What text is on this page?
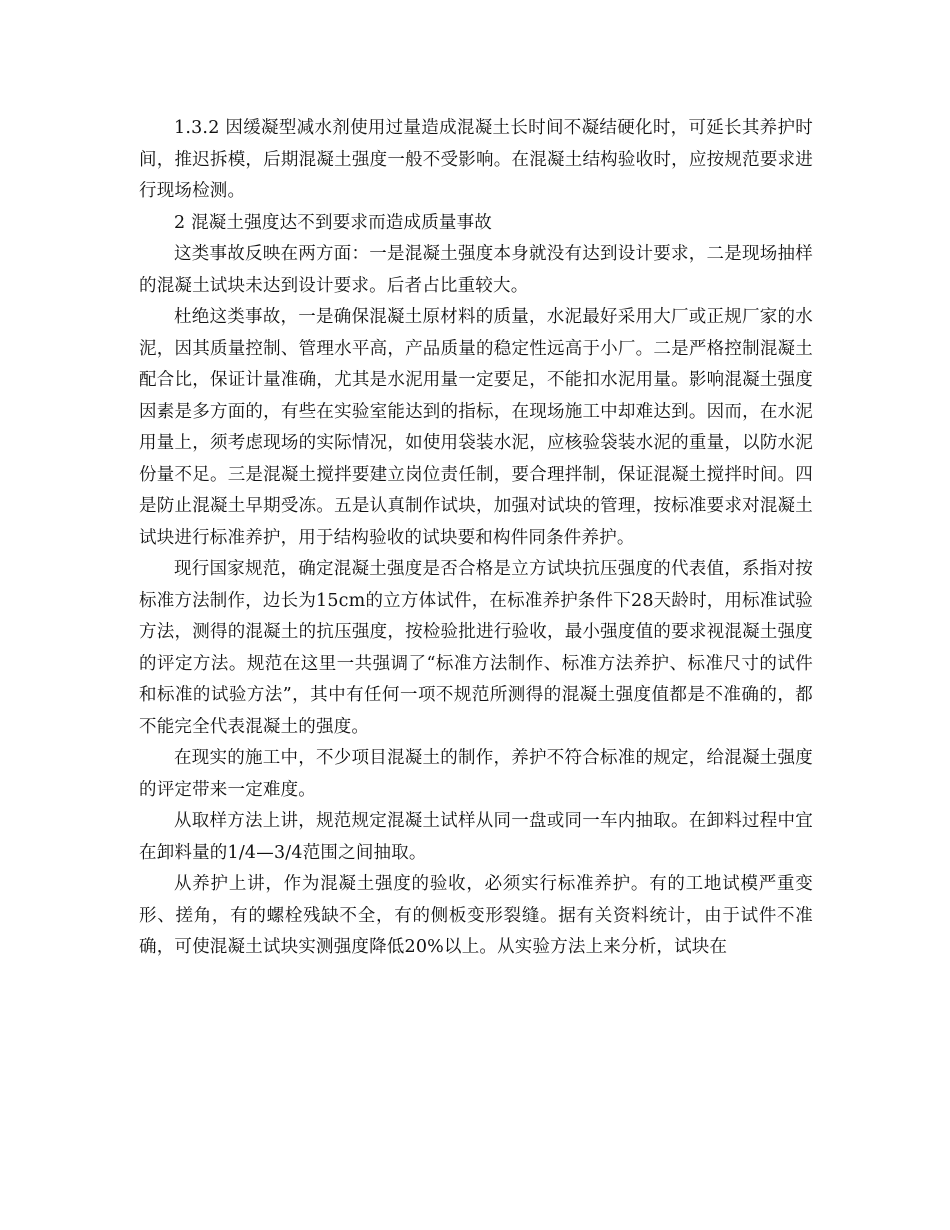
1.3.2 因缓凝型减水剂使用过量造成混凝土长时间不凝结硬化时，可延长其养护时间，推迟拆模，后期混凝土强度一般不受影响。在混凝土结构验收时，应按规范要求进行现场检测。

2 混凝土强度达不到要求而造成质量事故

这类事故反映在两方面：一是混凝土强度本身就没有达到设计要求，二是现场抽样的混凝土试块未达到设计要求。后者占比重较大。

杜绝这类事故，一是确保混凝土原材料的质量，水泥最好采用大厂或正规厂家的水泥，因其质量控制、管理水平高，产品质量的稳定性远高于小厂。二是严格控制混凝土配合比，保证计量准确，尤其是水泥用量一定要足，不能扣水泥用量。影响混凝土强度因素是多方面的，有些在实验室能达到的指标，在现场施工中却难达到。因而，在水泥用量上，须考虑现场的实际情况，如使用袋装水泥，应核验袋装水泥的重量，以防水泥份量不足。三是混凝土搅拌要建立岗位责任制，要合理拌制，保证混凝土搅拌时间。四是防止混凝土早期受冻。五是认真制作试块，加强对试块的管理，按标准要求对混凝土试块进行标准养护，用于结构验收的试块要和构件同条件养护。

现行国家规范，确定混凝土强度是否合格是立方试块抗压强度的代表值，系指对按标准方法制作，边长为15cm的立方体试件，在标准养护条件下28天龄时，用标准试验方法，测得的混凝土的抗压强度，按检验批进行验收，最小强度值的要求视混凝土强度的评定方法。规范在这里一共强调了“标准方法制作、标准方法养护、标准尺寸的试件和标准的试验方法”，其中有任何一项不规范所测得的混凝土强度值都是不准确的，都不能完全代表混凝土的强度。

在现实的施工中，不少项目混凝土的制作，养护不符合标准的规定，给混凝土强度的评定带来一定难度。

从取样方法上讲，规范规定混凝土试样从同一盘或同一车内抽取。在卸料过程中宜在卸料量的1/4—3/4范围之间抽取。

从养护上讲，作为混凝土强度的验收，必须实行标准养护。有的工地试模严重变形、搓角，有的螺栓残缺不全，有的侧板变形裂缝。据有关资料统计，由于试件不准确，可使混凝土试块实测强度降低20%以上。从实验方法上来分析，试块在
